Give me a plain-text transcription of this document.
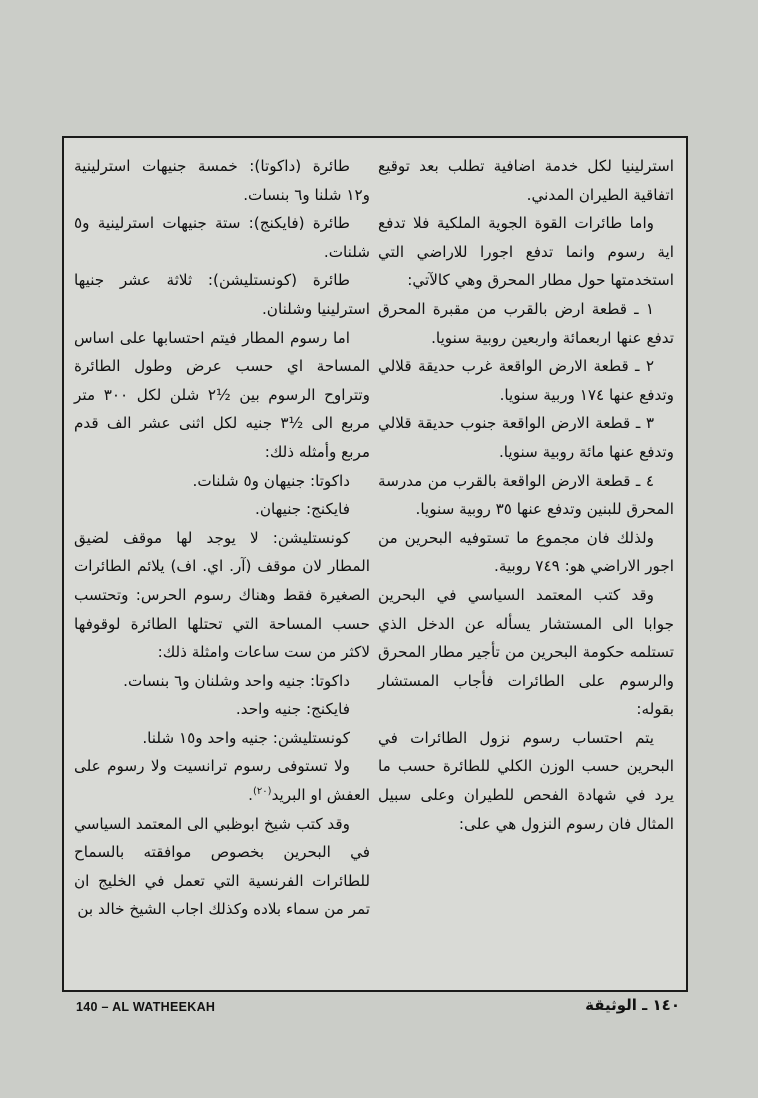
استرلينيا لكل خدمة اضافية تطلب بعد توقيع اتفاقية الطيران المدني.

واما طائرات القوة الجوية الملكية فلا تدفع اية رسوم وانما تدفع اجورا للاراضي التي استخدمتها حول مطار المحرق وهي كالآتي:

١ ـ قطعة ارض بالقرب من مقبرة المحرق تدفع عنها اربعمائة واربعين روبية سنويا.

٢ ـ قطعة الارض الواقعة غرب حديقة قلالي وتدفع عنها ١٧٤ وربية سنويا.

٣ ـ قطعة الارض الواقعة جنوب حديقة قلالي وتدفع عنها مائة روبية سنويا.

٤ ـ قطعة الارض الواقعة بالقرب من مدرسة المحرق للبنين وتدفع عنها ٣٥ روبية سنويا.

ولذلك فان مجموع ما تستوفيه البحرين من اجور الاراضي هو: ٧٤٩ روبية.

وقد كتب المعتمد السياسي في البحرين جوابا الى المستشار يسأله عن الدخل الذي تستلمه حكومة البحرين من تأجير مطار المحرق والرسوم على الطائرات فأجاب المستشار بقوله:

يتم احتساب رسوم نزول الطائرات في البحرين حسب الوزن الكلي للطائرة حسب ما يرد في شهادة الفحص للطيران وعلى سبيل المثال فان رسوم النزول هي على:

طائرة (داكوتا): خمسة جنيهات استرلينية و١٢ شلنا و٦ بنسات.

طائرة (فايكنج): ستة جنيهات استرلينية و٥ شلنات.

طائرة (كونستليشن): ثلاثة عشر جنيها استرلينيا وشلنان.

اما رسوم المطار فيتم احتسابها على اساس المساحة اي حسب عرض وطول الطائرة وتتراوح الرسوم بين ½٢ شلن لكل ٣٠٠ متر مربع الى ½٣ جنيه لكل اثنى عشر الف قدم مربع وأمثله ذلك:

داكوتا: جنيهان و٥ شلنات.

فايكنج: جنيهان.

كونستليشن: لا يوجد لها موقف لضيق المطار لان موقف (آر. اي. اف) يلائم الطائرات الصغيرة فقط وهناك رسوم الحرس: وتحتسب حسب المساحة التي تحتلها الطائرة لوقوفها لاكثر من ست ساعات وامثلة ذلك:

داكوتا: جنيه واحد وشلنان و٦ بنسات.

فايكنج: جنيه واحد.

كونستليشن: جنيه واحد و١٥ شلنا.

ولا تستوفى رسوم ترانسيت ولا رسوم على العفش او البريد$^{(٢٠)}$.

وقد كتب شيخ ابوظبي الى المعتمد السياسي في البحرين بخصوص موافقته بالسماح للطائرات الفرنسية التي تعمل في الخليج ان تمر من سماء بلاده وكذلك اجاب الشيخ خالد بن

140 – AL WATHEEKAH	١٤٠ ـ الوثيقة
